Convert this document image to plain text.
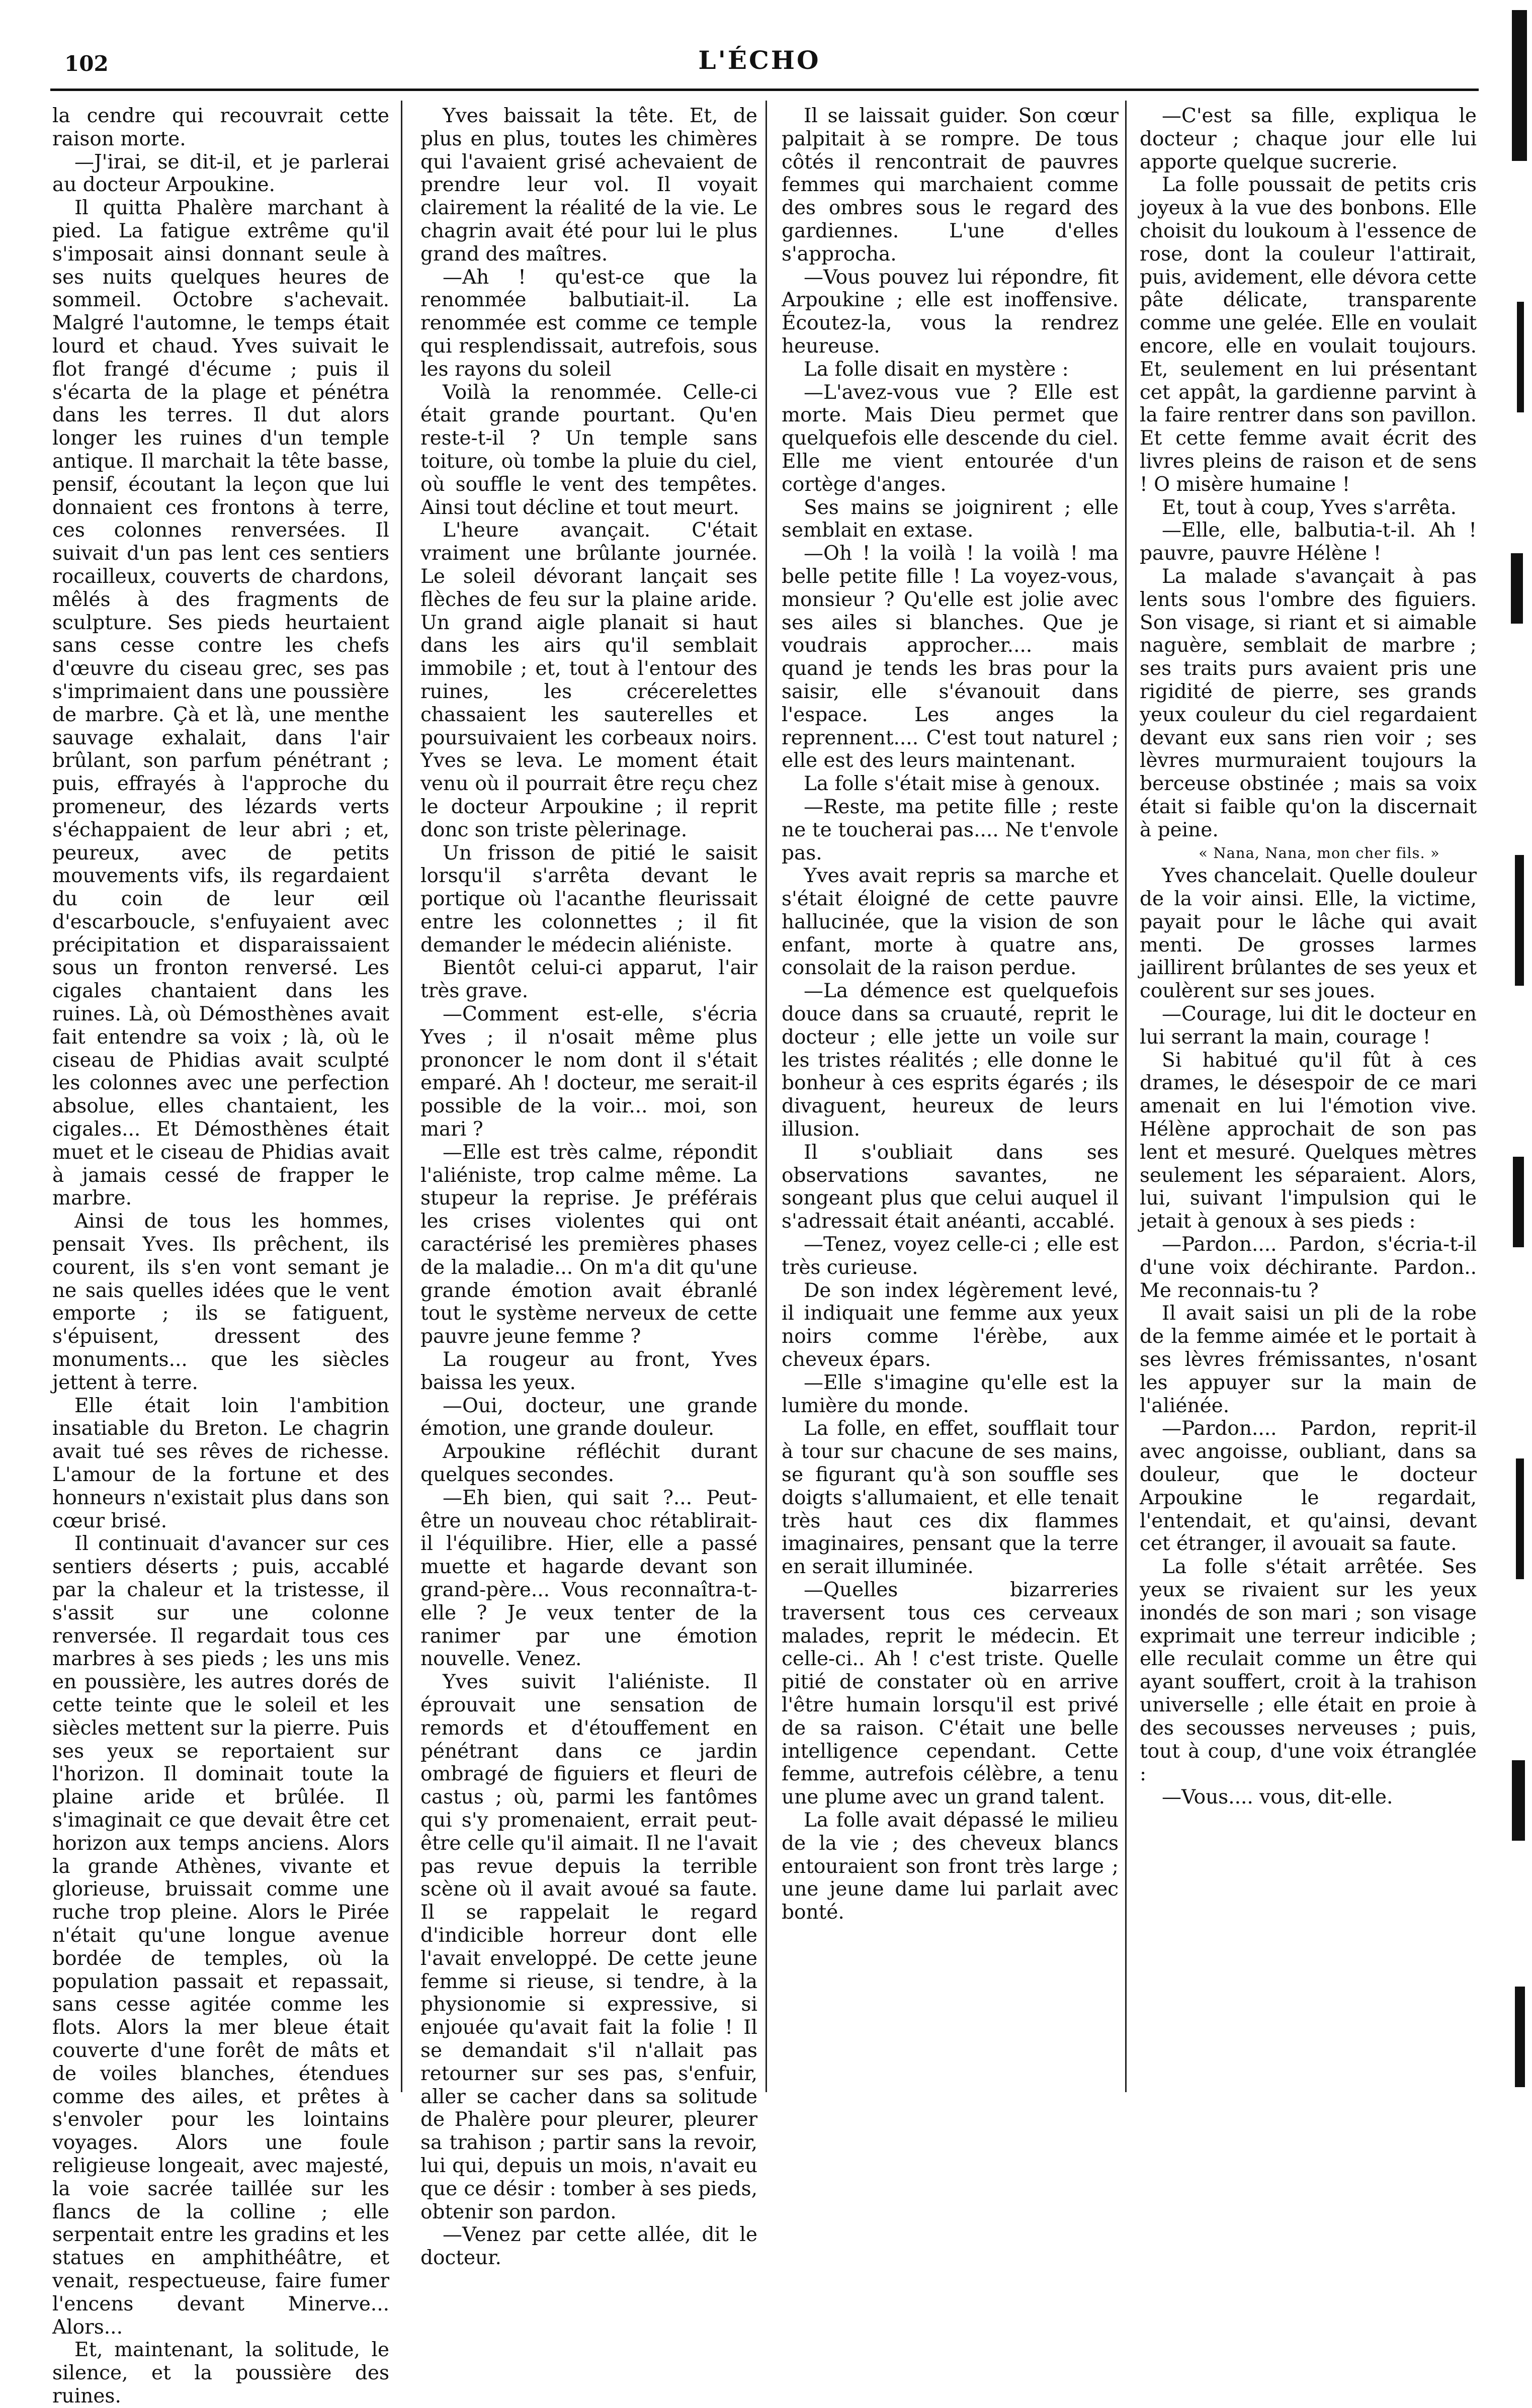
102	L'ÉCHO

la cendre qui recouvrait cette raison morte.

—J'irai, se dit-il, et je parlerai au docteur Arpoukine.

Il quitta Phalère marchant à pied. La fatigue extrême qu'il s'imposait ainsi donnant seule à ses nuits quelques heures de sommeil. Octobre s'achevait. Malgré l'automne, le temps était lourd et chaud. Yves suivait le flot frangé d'écume ; puis il s'écarta de la plage et pénétra dans les terres. Il dut alors longer les ruines d'un temple antique. Il marchait la tête basse, pensif, écoutant la leçon que lui donnaient ces frontons à terre, ces colonnes renversées. Il suivait d'un pas lent ces sentiers rocailleux, couverts de chardons, mêlés à des fragments de sculpture. Ses pieds heurtaient sans cesse contre les chefs d'œuvre du ciseau grec, ses pas s'imprimaient dans une poussière de marbre. Çà et là, une menthe sauvage exhalait, dans l'air brûlant, son parfum pénétrant ; puis, effrayés à l'approche du promeneur, des lézards verts s'échappaient de leur abri ; et, peureux, avec de petits mouvements vifs, ils regardaient du coin de leur œil d'escarboucle, s'enfuyaient avec précipitation et disparaissaient sous un fronton renversé. Les cigales chantaient dans les ruines. Là, où Démosthènes avait fait entendre sa voix ; là, où le ciseau de Phidias avait sculpté les colonnes avec une perfection absolue, elles chantaient, les cigales... Et Démosthènes était muet et le ciseau de Phidias avait à jamais cessé de frapper le marbre.

Ainsi de tous les hommes, pensait Yves. Ils prêchent, ils courent, ils s'en vont semant je ne sais quelles idées que le vent emporte ; ils se fatiguent, s'épuisent, dressent des monuments... que les siècles jettent à terre.

Elle était loin l'ambition insatiable du Breton. Le chagrin avait tué ses rêves de richesse. L'amour de la fortune et des honneurs n'existait plus dans son cœur brisé.

Il continuait d'avancer sur ces sentiers déserts ; puis, accablé par la chaleur et la tristesse, il s'assit sur une colonne renversée. Il regardait tous ces marbres à ses pieds ; les uns mis en poussière, les autres dorés de cette teinte que le soleil et les siècles mettent sur la pierre. Puis ses yeux se reportaient sur l'horizon. Il dominait toute la plaine aride et brûlée. Il s'imaginait ce que devait être cet horizon aux temps anciens. Alors la grande Athènes, vivante et glorieuse, bruissait comme une ruche trop pleine. Alors le Pirée n'était qu'une longue avenue bordée de temples, où la population passait et repassait, sans cesse agitée comme les flots. Alors la mer bleue était couverte d'une forêt de mâts et de voiles blanches, étendues comme des ailes, et prêtes à s'envoler pour les lointains voyages. Alors une foule religieuse longeait, avec majesté, la voie sacrée taillée sur les flancs de la colline ; elle serpentait entre les gradins et les statues en amphithéâtre, et venait, respectueuse, faire fumer l'encens devant Minerve... Alors...

Et, maintenant, la solitude, le silence, et la poussière des ruines.

Yves baissait la tête. Et, de plus en plus, toutes les chimères qui l'avaient grisé achevaient de prendre leur vol. Il voyait clairement la réalité de la vie. Le chagrin avait été pour lui le plus grand des maîtres.

—Ah ! qu'est-ce que la renommée balbutiait-il. La renommée est comme ce temple qui resplendissait, autrefois, sous les rayons du soleil

Voilà la renommée. Celle-ci était grande pourtant. Qu'en reste-t-il ? Un temple sans toiture, où tombe la pluie du ciel, où souffle le vent des tempêtes. Ainsi tout décline et tout meurt.

L'heure avançait. C'était vraiment une brûlante journée. Le soleil dévorant lançait ses flèches de feu sur la plaine aride. Un grand aigle planait si haut dans les airs qu'il semblait immobile ; et, tout à l'entour des ruines, les crécerelettes chassaient les sauterelles et poursuivaient les corbeaux noirs. Yves se leva. Le moment était venu où il pourrait être reçu chez le docteur Arpoukine ; il reprit donc son triste pèlerinage.

Un frisson de pitié le saisit lorsqu'il s'arrêta devant le portique où l'acanthe fleurissait entre les colonnettes ; il fit demander le médecin aliéniste.

Bientôt celui-ci apparut, l'air très grave.

—Comment est-elle, s'écria Yves ; il n'osait même plus prononcer le nom dont il s'était emparé. Ah ! docteur, me serait-il possible de la voir... moi, son mari ?

—Elle est très calme, répondit l'aliéniste, trop calme même. La stupeur la reprise. Je préférais les crises violentes qui ont caractérisé les premières phases de la maladie... On m'a dit qu'une grande émotion avait ébranlé tout le système nerveux de cette pauvre jeune femme ?

La rougeur au front, Yves baissa les yeux.

—Oui, docteur, une grande émotion, une grande douleur.

Arpoukine réfléchit durant quelques secondes.

—Eh bien, qui sait ?... Peut-être un nouveau choc rétablirait-il l'équilibre. Hier, elle a passé muette et hagarde devant son grand-père... Vous reconnaîtra-t-elle ? Je veux tenter de la ranimer par une émotion nouvelle. Venez.

Yves suivit l'aliéniste. Il éprouvait une sensation de remords et d'étouffement en pénétrant dans ce jardin ombragé de figuiers et fleuri de castus ; où, parmi les fantômes qui s'y promenaient, errait peut-être celle qu'il aimait. Il ne l'avait pas revue depuis la terrible scène où il avait avoué sa faute. Il se rappelait le regard d'indicible horreur dont elle l'avait enveloppé. De cette jeune femme si rieuse, si tendre, à la physionomie si expressive, si enjouée qu'avait fait la folie ! Il se demandait s'il n'allait pas retourner sur ses pas, s'enfuir, aller se cacher dans sa solitude de Phalère pour pleurer, pleurer sa trahison ; partir sans la revoir, lui qui, depuis un mois, n'avait eu que ce désir : tomber à ses pieds, obtenir son pardon.

—Venez par cette allée, dit le docteur.

Il se laissait guider. Son cœur palpitait à se rompre. De tous côtés il rencontrait de pauvres femmes qui marchaient comme des ombres sous le regard des gardiennes. L'une d'elles s'approcha.

—Vous pouvez lui répondre, fit Arpoukine ; elle est inoffensive. Écoutez-la, vous la rendrez heureuse.

La folle disait en mystère :

—L'avez-vous vue ? Elle est morte. Mais Dieu permet que quelquefois elle descende du ciel. Elle me vient entourée d'un cortège d'anges.

Ses mains se joignirent ; elle semblait en extase.

—Oh ! la voilà ! la voilà ! ma belle petite fille ! La voyez-vous, monsieur ? Qu'elle est jolie avec ses ailes si blanches. Que je voudrais approcher.... mais quand je tends les bras pour la saisir, elle s'évanouit dans l'espace. Les anges la reprennent.... C'est tout naturel ; elle est des leurs maintenant.

La folle s'était mise à genoux.

—Reste, ma petite fille ; reste ne te toucherai pas.... Ne t'envole pas.

Yves avait repris sa marche et s'était éloigné de cette pauvre hallucinée, que la vision de son enfant, morte à quatre ans, consolait de la raison perdue.

—La démence est quelquefois douce dans sa cruauté, reprit le docteur ; elle jette un voile sur les tristes réalités ; elle donne le bonheur à ces esprits égarés ; ils divaguent, heureux de leurs illusion.

Il s'oubliait dans ses observations savantes, ne songeant plus que celui auquel il s'adressait était anéanti, accablé.

—Tenez, voyez celle-ci ; elle est très curieuse.

De son index légèrement levé, il indiquait une femme aux yeux noirs comme l'érèbe, aux cheveux épars.

—Elle s'imagine qu'elle est la lumière du monde.

La folle, en effet, soufflait tour à tour sur chacune de ses mains, se figurant qu'à son souffle ses doigts s'allumaient, et elle tenait très haut ces dix flammes imaginaires, pensant que la terre en serait illuminée.

—Quelles bizarreries traversent tous ces cerveaux malades, reprit le médecin. Et celle-ci.. Ah ! c'est triste. Quelle pitié de constater où en arrive l'être humain lorsqu'il est privé de sa raison. C'était une belle intelligence cependant. Cette femme, autrefois célèbre, a tenu une plume avec un grand talent.

La folle avait dépassé le milieu de la vie ; des cheveux blancs entouraient son front très large ; une jeune dame lui parlait avec bonté.

—C'est sa fille, expliqua le docteur ; chaque jour elle lui apporte quelque sucrerie.

La folle poussait de petits cris joyeux à la vue des bonbons. Elle choisit du loukoum à l'essence de rose, dont la couleur l'attirait, puis, avidement, elle dévora cette pâte délicate, transparente comme une gelée. Elle en voulait encore, elle en voulait toujours. Et, seulement en lui présentant cet appât, la gardienne parvint à la faire rentrer dans son pavillon. Et cette femme avait écrit des livres pleins de raison et de sens ! O misère humaine !

Et, tout à coup, Yves s'arrêta.

—Elle, elle, balbutia-t-il. Ah ! pauvre, pauvre Hélène !

La malade s'avançait à pas lents sous l'ombre des figuiers. Son visage, si riant et si aimable naguère, semblait de marbre ; ses traits purs avaient pris une rigidité de pierre, ses grands yeux couleur du ciel regardaient devant eux sans rien voir ; ses lèvres murmuraient toujours la berceuse obstinée ; mais sa voix était si faible qu'on la discernait à peine.

« Nana, Nana, mon cher fils. »

Yves chancelait. Quelle douleur de la voir ainsi. Elle, la victime, payait pour le lâche qui avait menti. De grosses larmes jaillirent brûlantes de ses yeux et coulèrent sur ses joues.

—Courage, lui dit le docteur en lui serrant la main, courage !

Si habitué qu'il fût à ces drames, le désespoir de ce mari amenait en lui l'émotion vive. Hélène approchait de son pas lent et mesuré. Quelques mètres seulement les séparaient. Alors, lui, suivant l'impulsion qui le jetait à genoux à ses pieds :

—Pardon.... Pardon, s'écria-t-il d'une voix déchirante. Pardon.. Me reconnais-tu ?

Il avait saisi un pli de la robe de la femme aimée et le portait à ses lèvres frémissantes, n'osant les appuyer sur la main de l'aliénée.

—Pardon.... Pardon, reprit-il avec angoisse, oubliant, dans sa douleur, que le docteur Arpoukine le regardait, l'entendait, et qu'ainsi, devant cet étranger, il avouait sa faute.

La folle s'était arrêtée. Ses yeux se rivaient sur les yeux inondés de son mari ; son visage exprimait une terreur indicible ; elle reculait comme un être qui ayant souffert, croit à la trahison universelle ; elle était en proie à des secousses nerveuses ; puis, tout à coup, d'une voix étranglée :

—Vous.... vous, dit-elle.
